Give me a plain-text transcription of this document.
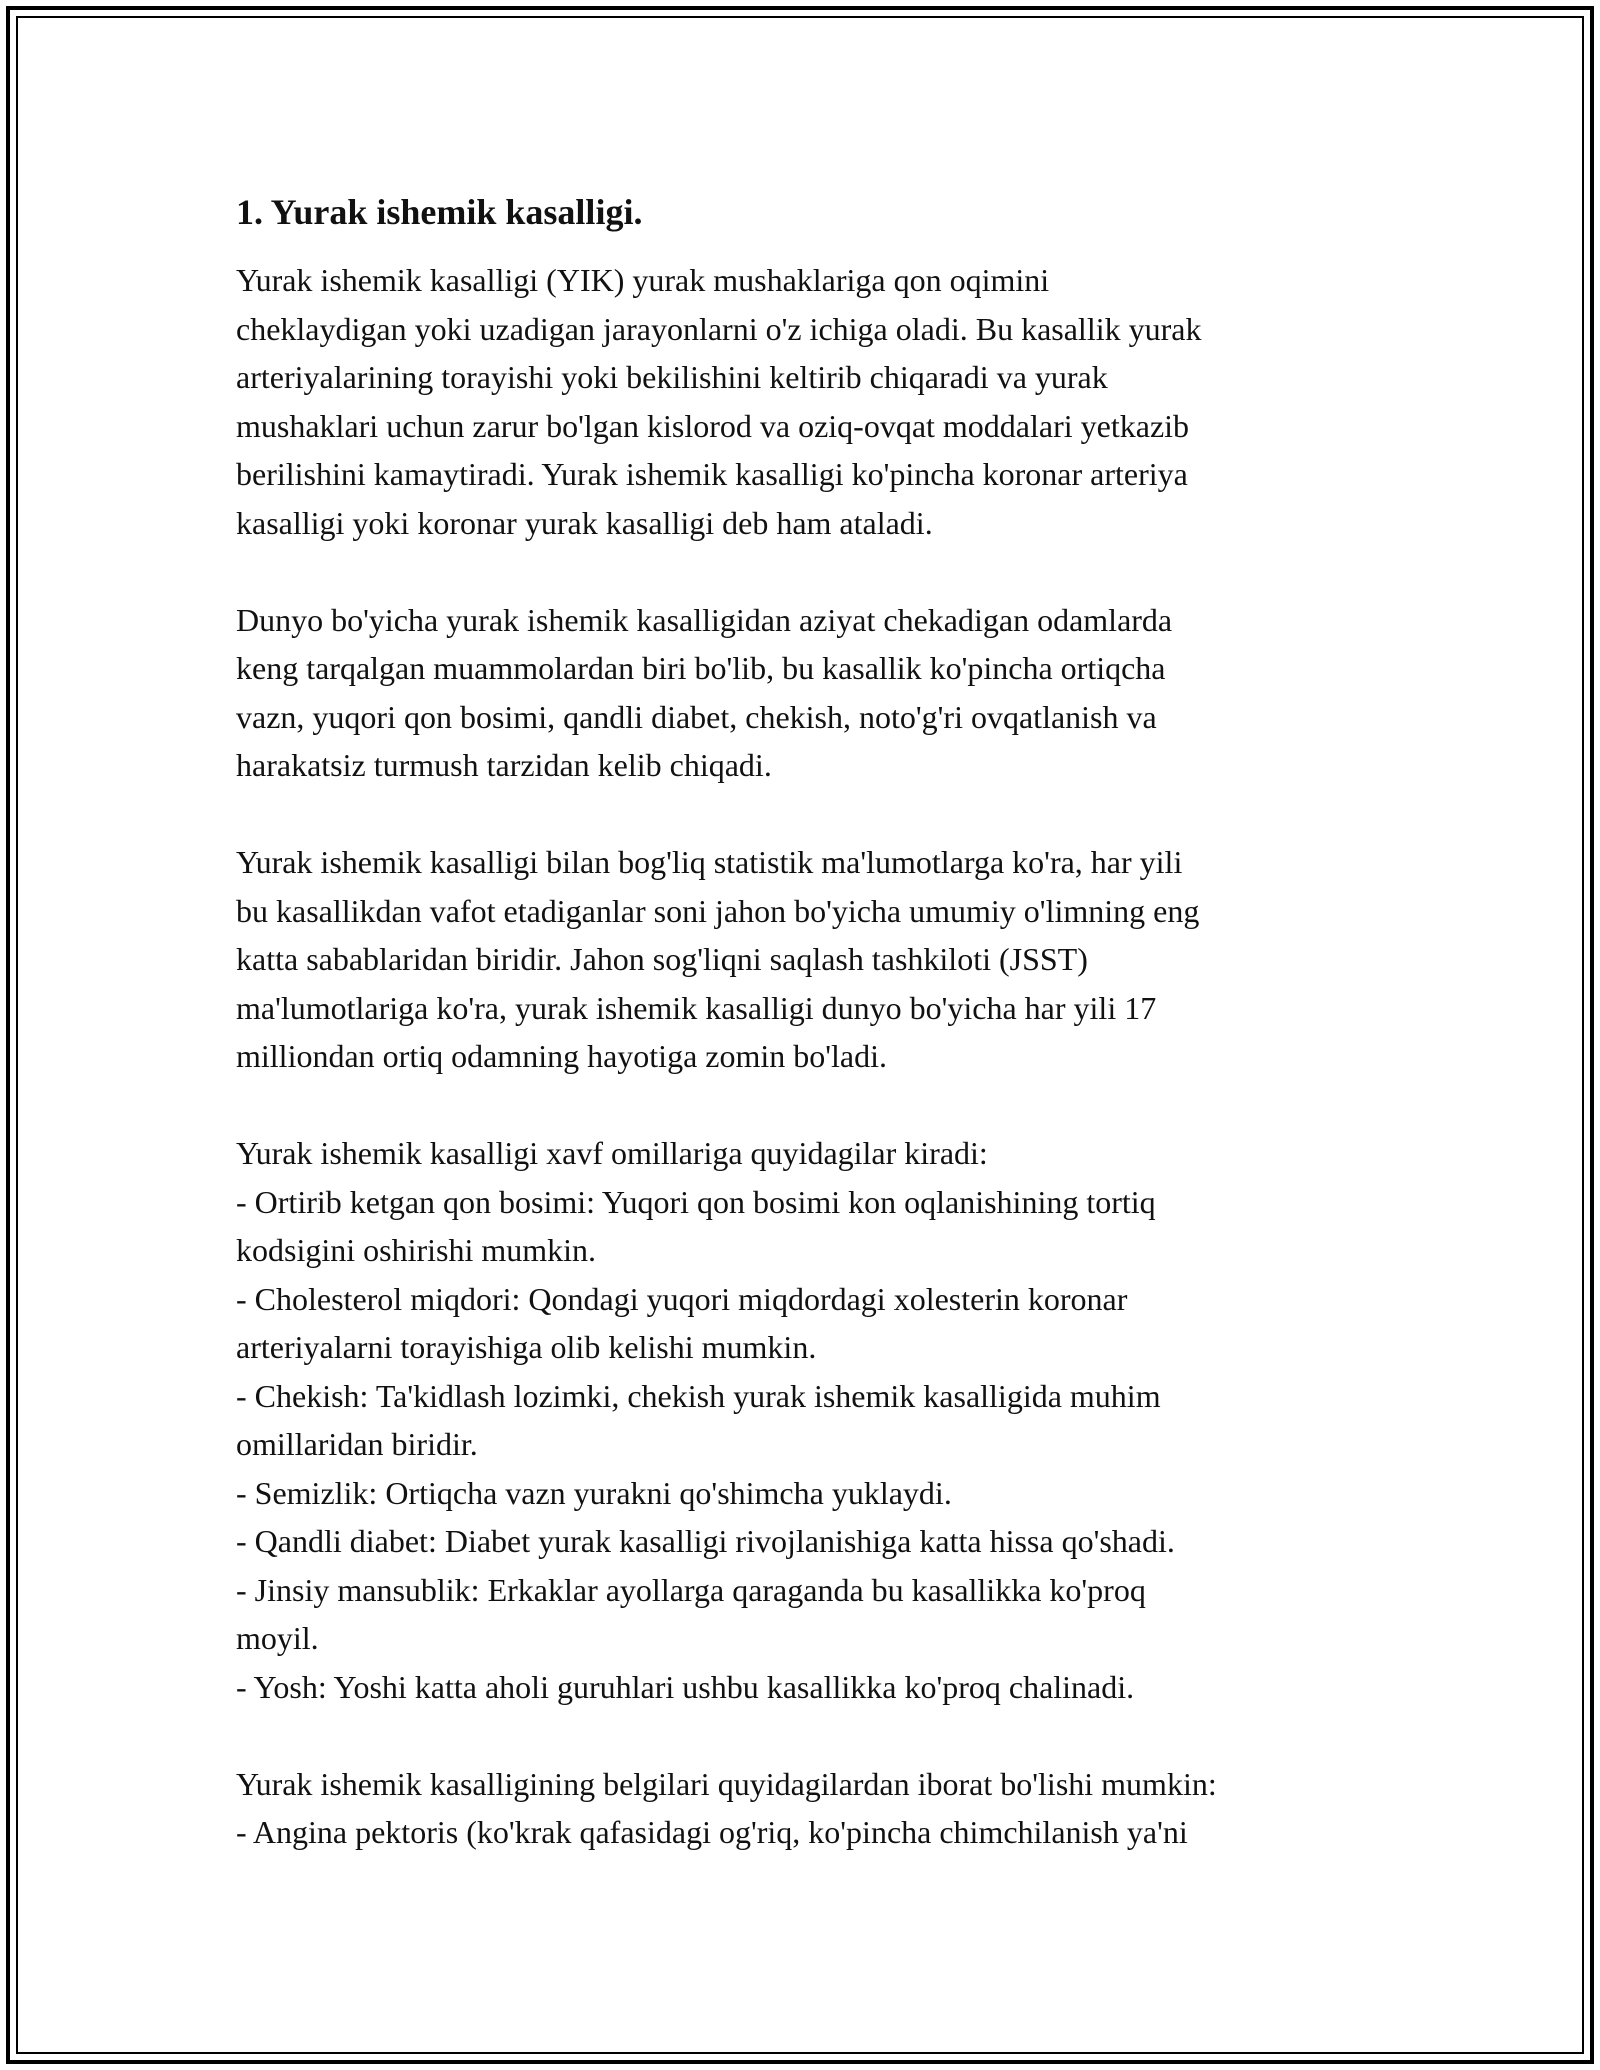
1. Yurak ishemik kasalligi.
Yurak ishemik kasalligi (YIK) yurak mushaklariga qon oqimini
cheklaydigan yoki uzadigan jarayonlarni o'z ichiga oladi. Bu kasallik yurak
arteriyalarining torayishi yoki bekilishini keltirib chiqaradi va yurak
mushaklari uchun zarur bo'lgan kislorod va oziq-ovqat moddalari yetkazib
berilishini kamaytiradi. Yurak ishemik kasalligi ko'pincha koronar arteriya
kasalligi yoki koronar yurak kasalligi deb ham ataladi.
Dunyo bo'yicha yurak ishemik kasalligidan aziyat chekadigan odamlarda
keng tarqalgan muammolardan biri bo'lib, bu kasallik ko'pincha ortiqcha
vazn, yuqori qon bosimi, qandli diabet, chekish, noto'g'ri ovqatlanish va
harakatsiz turmush tarzidan kelib chiqadi.
Yurak ishemik kasalligi bilan bog'liq statistik ma'lumotlarga ko'ra, har yili
bu kasallikdan vafot etadiganlar soni jahon bo'yicha umumiy o'limning eng
katta sabablaridan biridir. Jahon sog'liqni saqlash tashkiloti (JSST)
ma'lumotlariga ko'ra, yurak ishemik kasalligi dunyo bo'yicha har yili 17
milliondan ortiq odamning hayotiga zomin bo'ladi.
Yurak ishemik kasalligi xavf omillariga quyidagilar kiradi:
- Ortirib ketgan qon bosimi: Yuqori qon bosimi kon oqlanishining tortiq
kodsigini oshirishi mumkin.
- Cholesterol miqdori: Qondagi yuqori miqdordagi xolesterin koronar
arteriyalarni torayishiga olib kelishi mumkin.
- Chekish: Ta'kidlash lozimki, chekish yurak ishemik kasalligida muhim
omillaridan biridir.
- Semizlik: Ortiqcha vazn yurakni qo'shimcha yuklaydi.
- Qandli diabet: Diabet yurak kasalligi rivojlanishiga katta hissa qo'shadi.
- Jinsiy mansublik: Erkaklar ayollarga qaraganda bu kasallikka ko'proq
moyil.
- Yosh: Yoshi katta aholi guruhlari ushbu kasallikka ko'proq chalinadi.
Yurak ishemik kasalligining belgilari quyidagilardan iborat bo'lishi mumkin:
- Angina pektoris (ko'krak qafasidagi og'riq, ko'pincha chimchilanish ya'ni
